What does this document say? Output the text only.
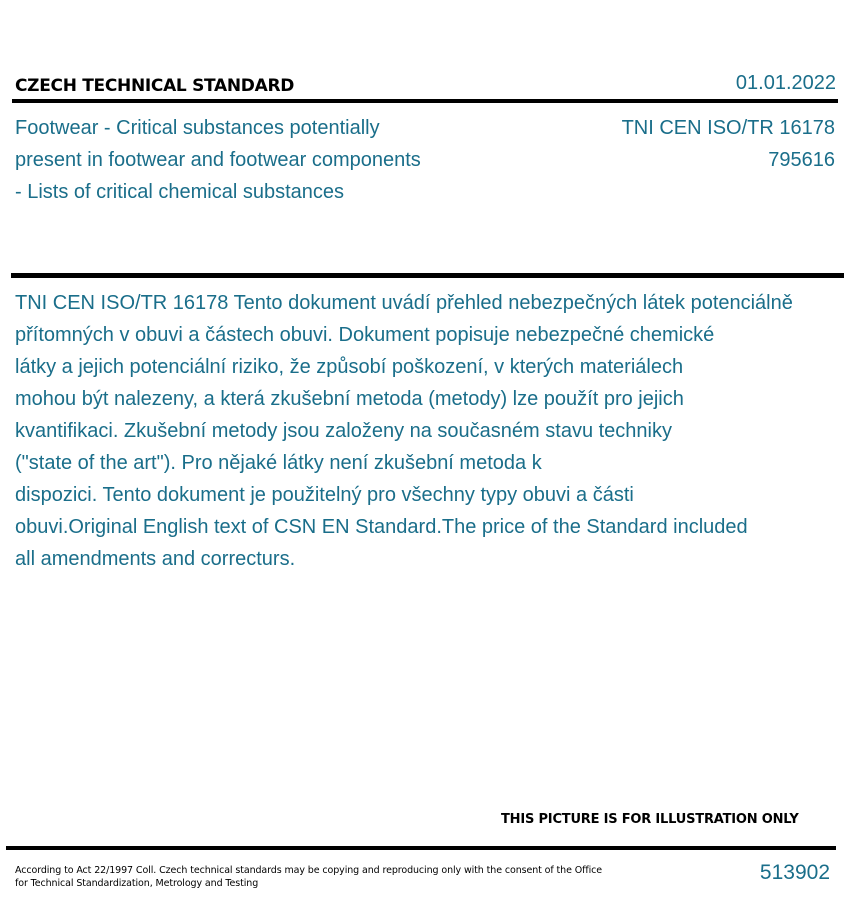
CZECH TECHNICAL STANDARD	01.01.2022
Footwear - Critical substances potentially
present in footwear and footwear components
- Lists of critical chemical substances
TNI CEN ISO/TR 16178
795616
TNI CEN ISO/TR 16178 Tento dokument uvádí přehled nebezpečných látek potenciálně
přítomných v obuvi a částech obuvi. Dokument popisuje nebezpečné chemické
látky a jejich potenciální riziko, že způsobí poškození, v kterých materiálech
mohou být nalezeny, a která zkušební metoda (metody) lze použít pro jejich
kvantifikaci. Zkušební metody jsou založeny na současném stavu techniky
("state of the art"). Pro nějaké látky není zkušební metoda k
dispozici. Tento dokument je použitelný pro všechny typy obuvi a části
obuvi.Original English text of CSN EN Standard.The price of the Standard included
all amendments and correcturs.
THIS PICTURE IS FOR ILLUSTRATION ONLY
According to Act 22/1997 Coll. Czech technical standards may be copying and reproducing only with the consent of the Office
for Technical Standardization, Metrology and Testing	513902
